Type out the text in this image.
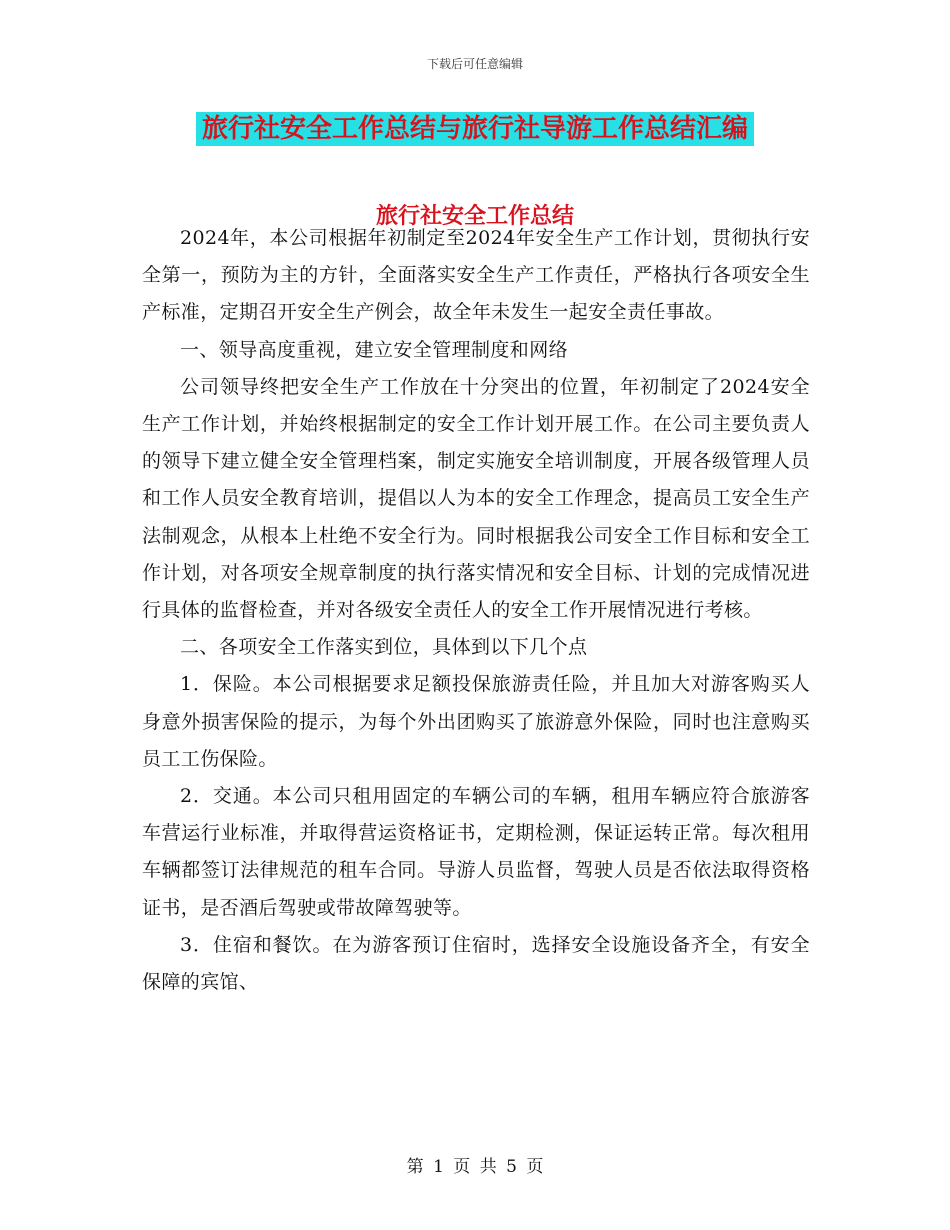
下载后可任意编辑
旅行社安全工作总结与旅行社导游工作总结汇编
旅行社安全工作总结

2024年，本公司根据年初制定至2024年安全生产工作计划，贯彻执行安全第一，预防为主的方针，全面落实安全生产工作责任，严格执行各项安全生产标准，定期召开安全生产例会，故全年未发生一起安全责任事故。

一、领导高度重视，建立安全管理制度和网络

公司领导终把安全生产工作放在十分突出的位置，年初制定了2024安全生产工作计划，并始终根据制定的安全工作计划开展工作。在公司主要负责人的领导下建立健全安全管理档案，制定实施安全培训制度，开展各级管理人员和工作人员安全教育培训，提倡以人为本的安全工作理念，提高员工安全生产法制观念，从根本上杜绝不安全行为。同时根据我公司安全工作目标和安全工作计划，对各项安全规章制度的执行落实情况和安全目标、计划的完成情况进行具体的监督检查，并对各级安全责任人的安全工作开展情况进行考核。

二、各项安全工作落实到位，具体到以下几个点

1．保险。本公司根据要求足额投保旅游责任险，并且加大对游客购买人身意外损害保险的提示，为每个外出团购买了旅游意外保险，同时也注意购买员工工伤保险。

2．交通。本公司只租用固定的车辆公司的车辆，租用车辆应符合旅游客车营运行业标准，并取得营运资格证书，定期检测，保证运转正常。每次租用车辆都签订法律规范的租车合同。导游人员监督，驾驶人员是否依法取得资格证书，是否酒后驾驶或带故障驾驶等。

3．住宿和餐饮。在为游客预订住宿时，选择安全设施设备齐全，有安全保障的宾馆、

第 1 页 共 5 页
